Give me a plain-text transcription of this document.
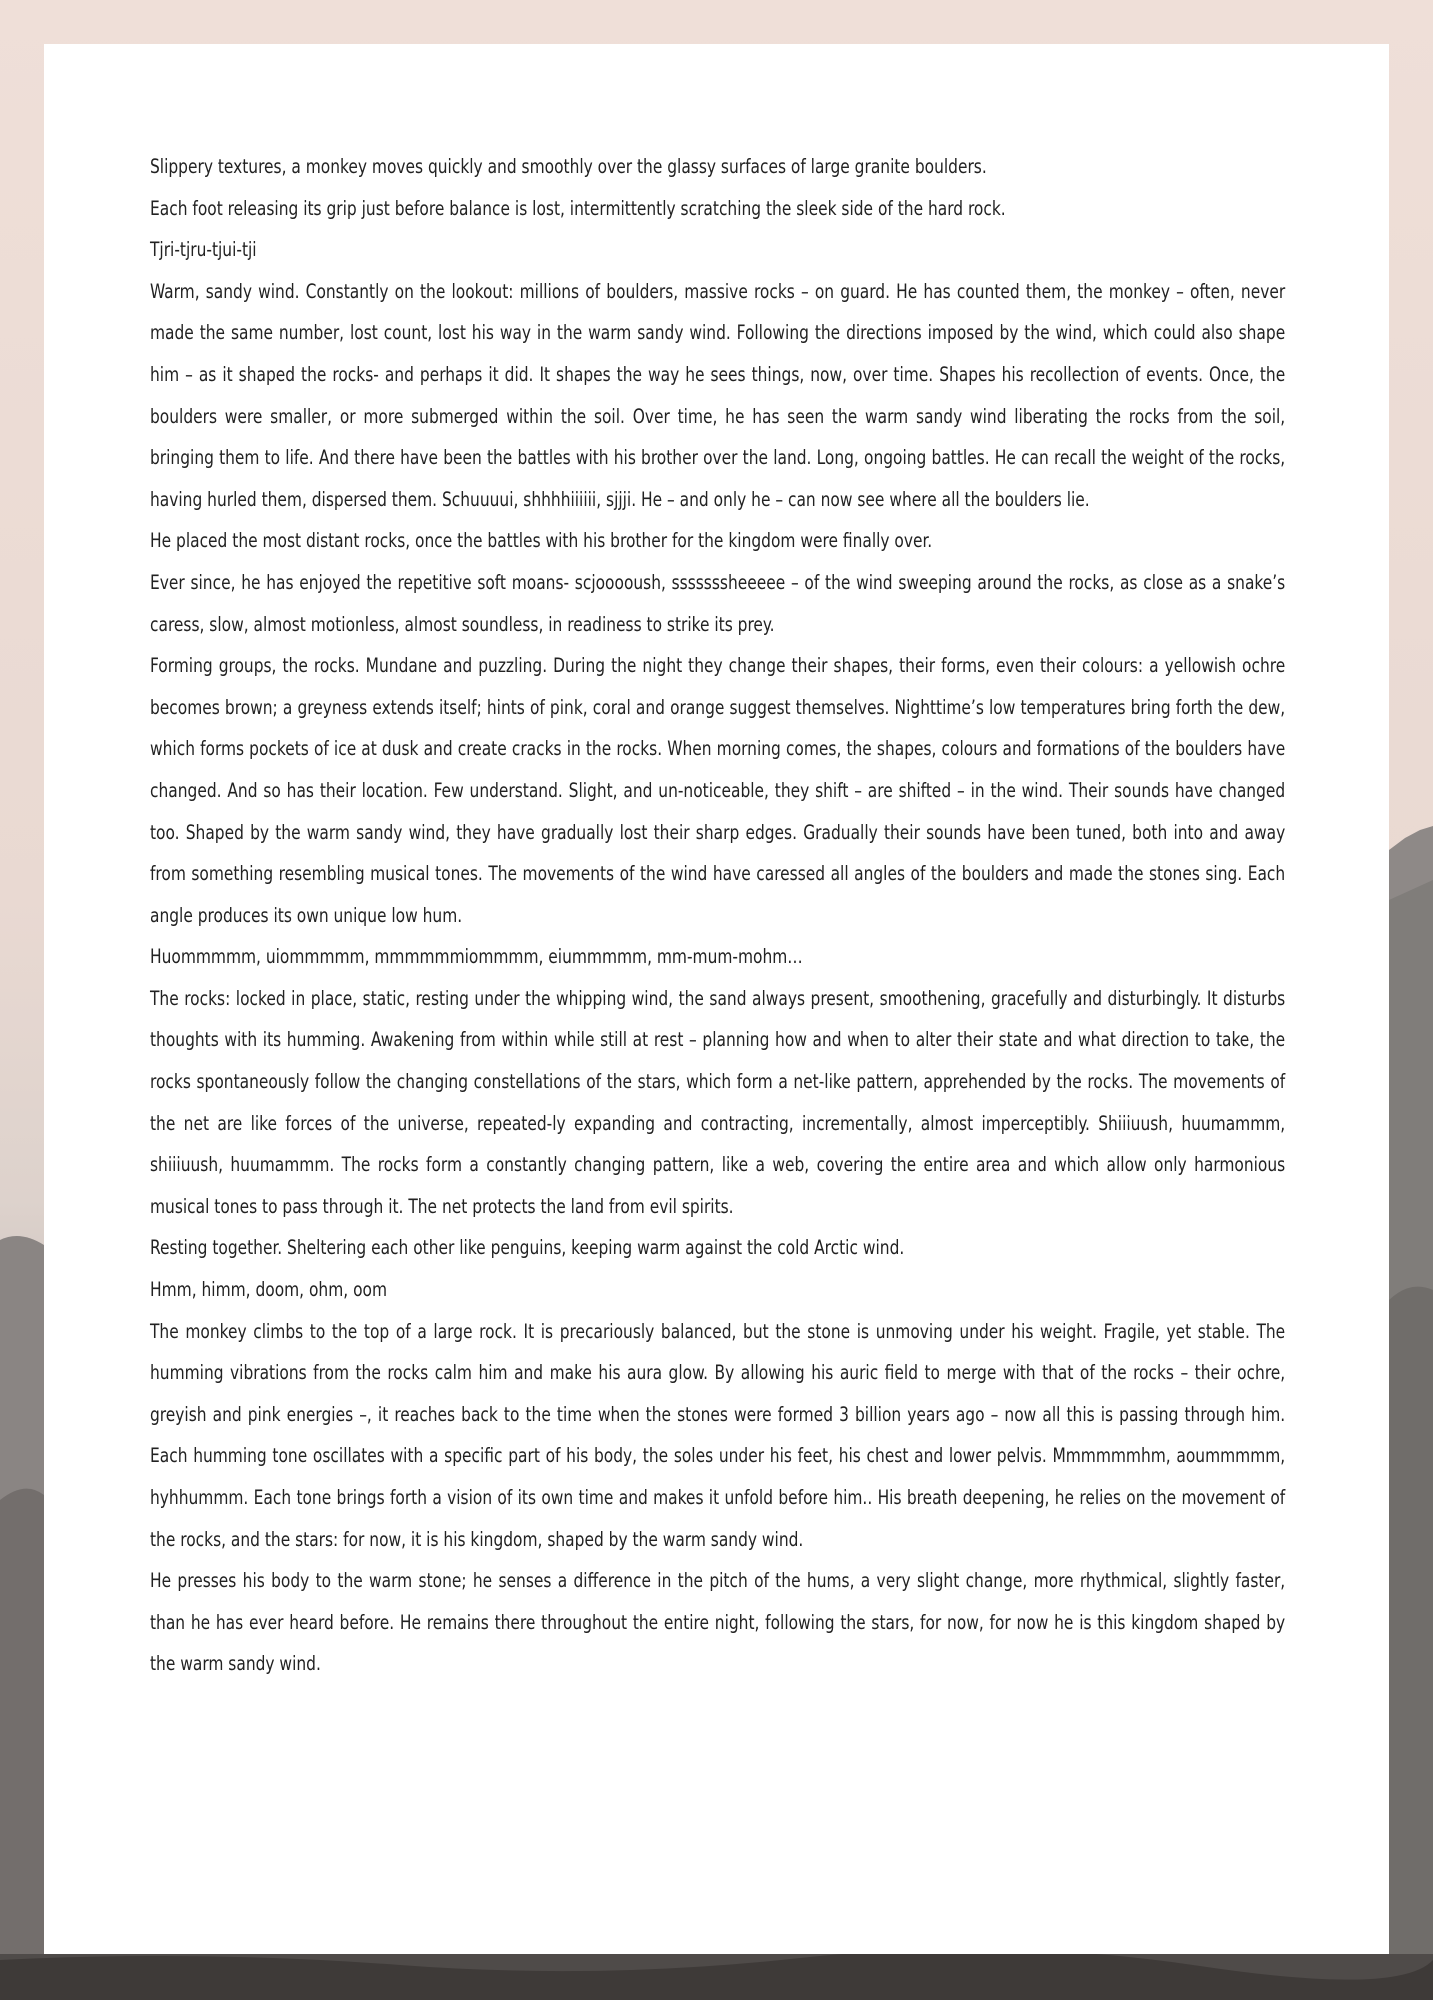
Slippery textures, a monkey moves quickly and smoothly over the glassy surfaces of large granite boulders.

Each foot releasing its grip just before balance is lost, intermittently scratching the sleek side of the hard rock.

Tjri-tjru-tjui-tji

Warm, sandy wind. Constantly on the lookout: millions of boulders, massive rocks – on guard. He has counted them, the monkey – often, never made the same number, lost count, lost his way in the warm sandy wind. Following the directions imposed by the wind, which could also shape him – as it shaped the rocks- and perhaps it did. It shapes the way he sees things, now, over time. Shapes his recollection of events. Once, the boulders were smaller, or more submerged within the soil. Over time, he has seen the warm sandy wind liberating the rocks from the soil, bringing them to life. And there have been the battles with his brother over the land. Long, ongoing battles. He can recall the weight of the rocks, having hurled them, dispersed them. Schuuuui, shhhhiiiiii, sjjji. He – and only he – can now see where all the boulders lie.

He placed the most distant rocks, once the battles with his brother for the kingdom were finally over.

Ever since, he has enjoyed the repetitive soft moans- scjooooush, sssssssheeeee – of the wind sweeping around the rocks, as close as a snake’s caress, slow, almost motionless, almost soundless, in readiness to strike its prey.

Forming groups, the rocks. Mundane and puzzling. During the night they change their shapes, their forms, even their colours: a yellowish ochre becomes brown; a greyness extends itself; hints of pink, coral and orange suggest themselves. Nighttime’s low temperatures bring forth the dew, which forms pockets of ice at dusk and create cracks in the rocks. When morning comes, the shapes, colours and formations of the boulders have changed. And so has their location. Few understand. Slight, and un-noticeable, they shift – are shifted – in the wind. Their sounds have changed too. Shaped by the warm sandy wind, they have gradually lost their sharp edges. Gradually their sounds have been tuned, both into and away from something resembling musical tones. The movements of the wind have caressed all angles of the boulders and made the stones sing. Each angle produces its own unique low hum.

Huommmmm, uiommmmm, mmmmmmiommmm, eiummmmm, mm-mum-mohm…

The rocks: locked in place, static, resting under the whipping wind, the sand always present, smoothening, gracefully and disturbingly. It disturbs thoughts with its humming. Awakening from within while still at rest – planning how and when to alter their state and what direction to take, the rocks spontaneously follow the changing constellations of the stars, which form a net-like pattern, apprehended by the rocks. The movements of the net are like forces of the universe, repeated-ly expanding and contracting, incrementally, almost imperceptibly. Shiiiuush, huumammm, shiiiuush, huumammm. The rocks form a constantly changing pattern, like a web, covering the entire area and which allow only harmonious musical tones to pass through it. The net protects the land from evil spirits.

Resting together. Sheltering each other like penguins, keeping warm against the cold Arctic wind.

Hmm, himm, doom, ohm, oom

The monkey climbs to the top of a large rock. It is precariously balanced, but the stone is unmoving under his weight. Fragile, yet stable. The humming vibrations from the rocks calm him and make his aura glow. By allowing his auric field to merge with that of the rocks – their ochre, greyish and pink energies –, it reaches back to the time when the stones were formed 3 billion years ago – now all this is passing through him. Each humming tone oscillates with a specific part of his body, the soles under his feet, his chest and lower pelvis. Mmmmmmhm, aoummmmm, hyhhummm. Each tone brings forth a vision of its own time and makes it unfold before him.. His breath deepening, he relies on the movement of the rocks, and the stars: for now, it is his kingdom, shaped by the warm sandy wind.

He presses his body to the warm stone; he senses a difference in the pitch of the hums, a very slight change, more rhythmical, slightly faster, than he has ever heard before. He remains there throughout the entire night, following the stars, for now, for now he is this kingdom shaped by the warm sandy wind.
